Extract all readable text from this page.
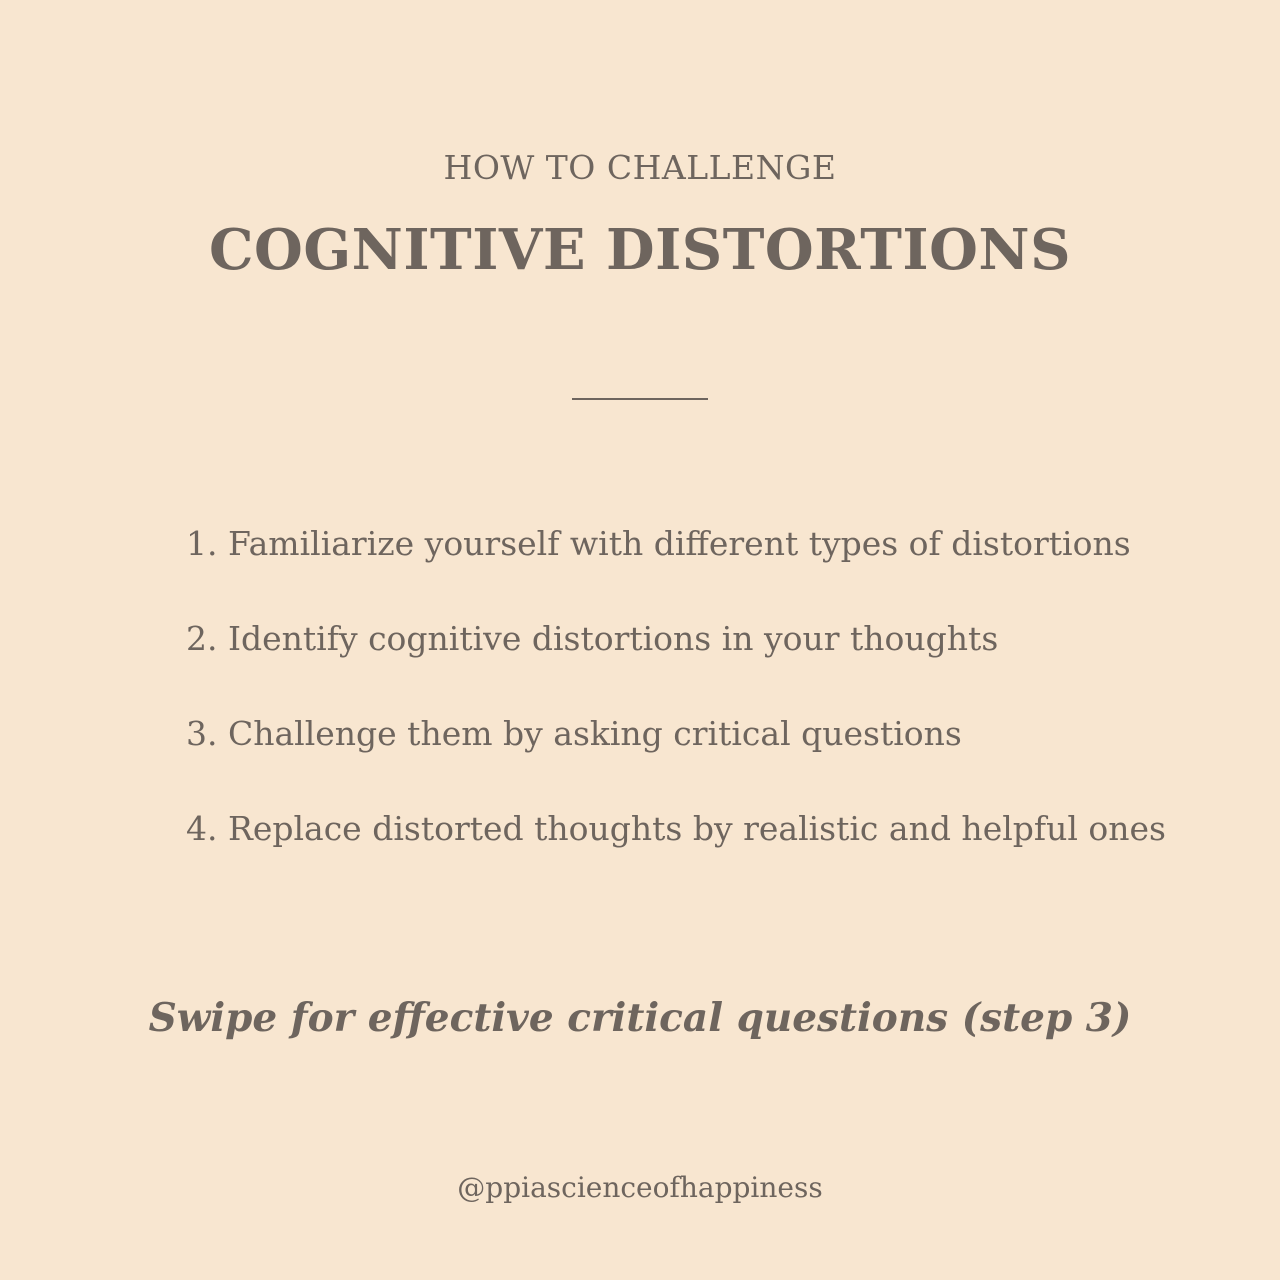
HOW TO CHALLENGE
COGNITIVE DISTORTIONS
1. Familiarize yourself with different types of distortions
2. Identify cognitive distortions in your thoughts
3. Challenge them by asking critical questions
4. Replace distorted thoughts by realistic and helpful ones
Swipe for effective critical questions (step 3)
@ppiascienceofhappiness
